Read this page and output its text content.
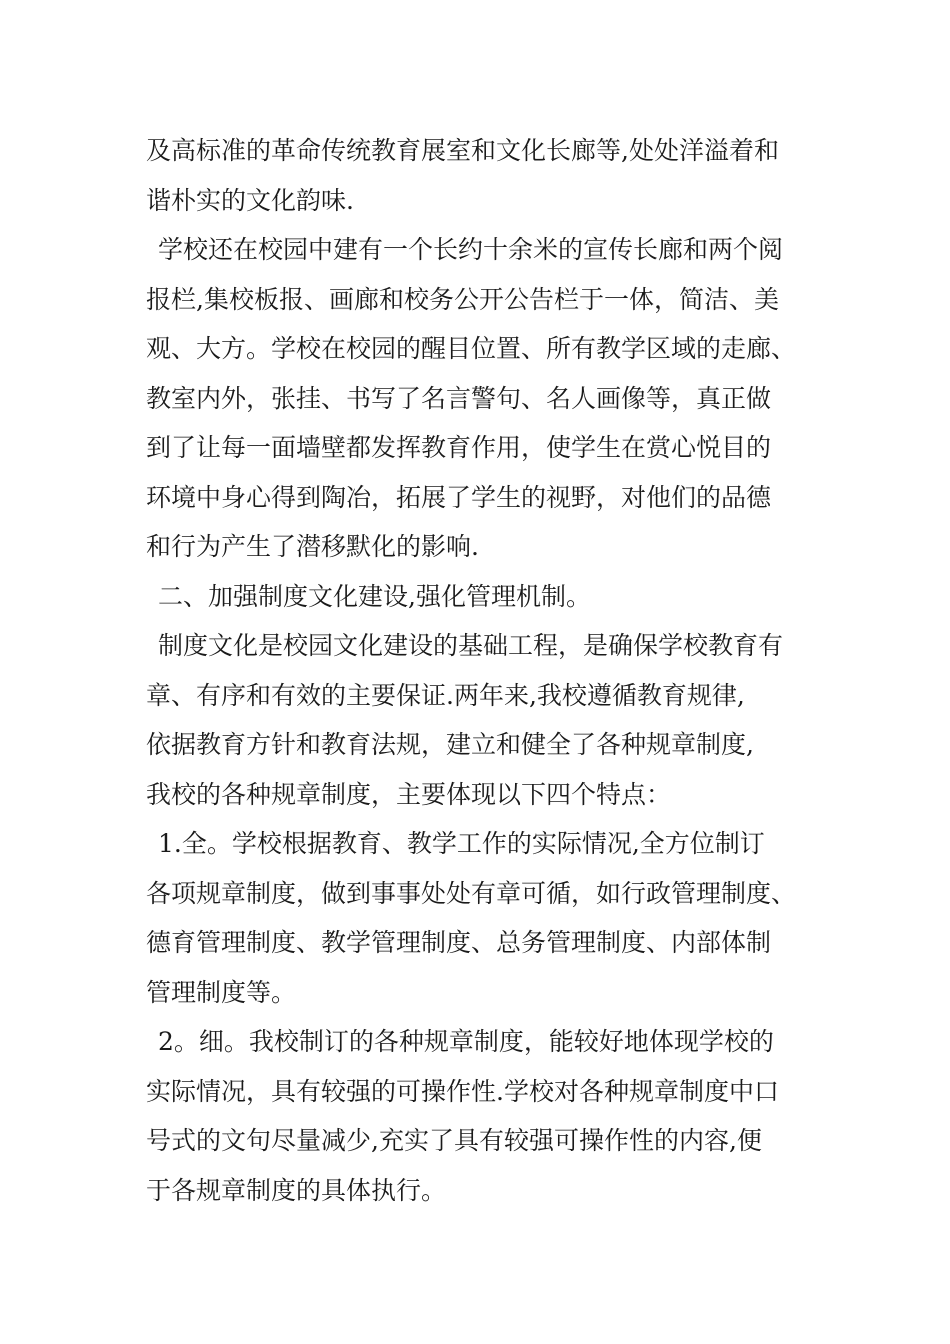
及高标准的革命传统教育展室和文化长廊等,处处洋溢着和
谐朴实的文化韵味.
学校还在校园中建有一个长约十余米的宣传长廊和两个阅
报栏,集校板报、画廊和校务公开公告栏于一体，简洁、美
观、大方。学校在校园的醒目位置、所有教学区域的走廊、
教室内外，张挂、书写了名言警句、名人画像等，真正做
到了让每一面墙壁都发挥教育作用，使学生在赏心悦目的
环境中身心得到陶冶，拓展了学生的视野，对他们的品德
和行为产生了潜移默化的影响.
二、加强制度文化建设,强化管理机制。
制度文化是校园文化建设的基础工程，是确保学校教育有
章、有序和有效的主要保证.两年来,我校遵循教育规律,
依据教育方针和教育法规，建立和健全了各种规章制度,
我校的各种规章制度，主要体现以下四个特点：
1.全。学校根据教育、教学工作的实际情况,全方位制订
各项规章制度，做到事事处处有章可循，如行政管理制度、
德育管理制度、教学管理制度、总务管理制度、内部体制
管理制度等。
2。细。我校制订的各种规章制度，能较好地体现学校的
实际情况，具有较强的可操作性.学校对各种规章制度中口
号式的文句尽量减少,充实了具有较强可操作性的内容,便
于各规章制度的具体执行。
